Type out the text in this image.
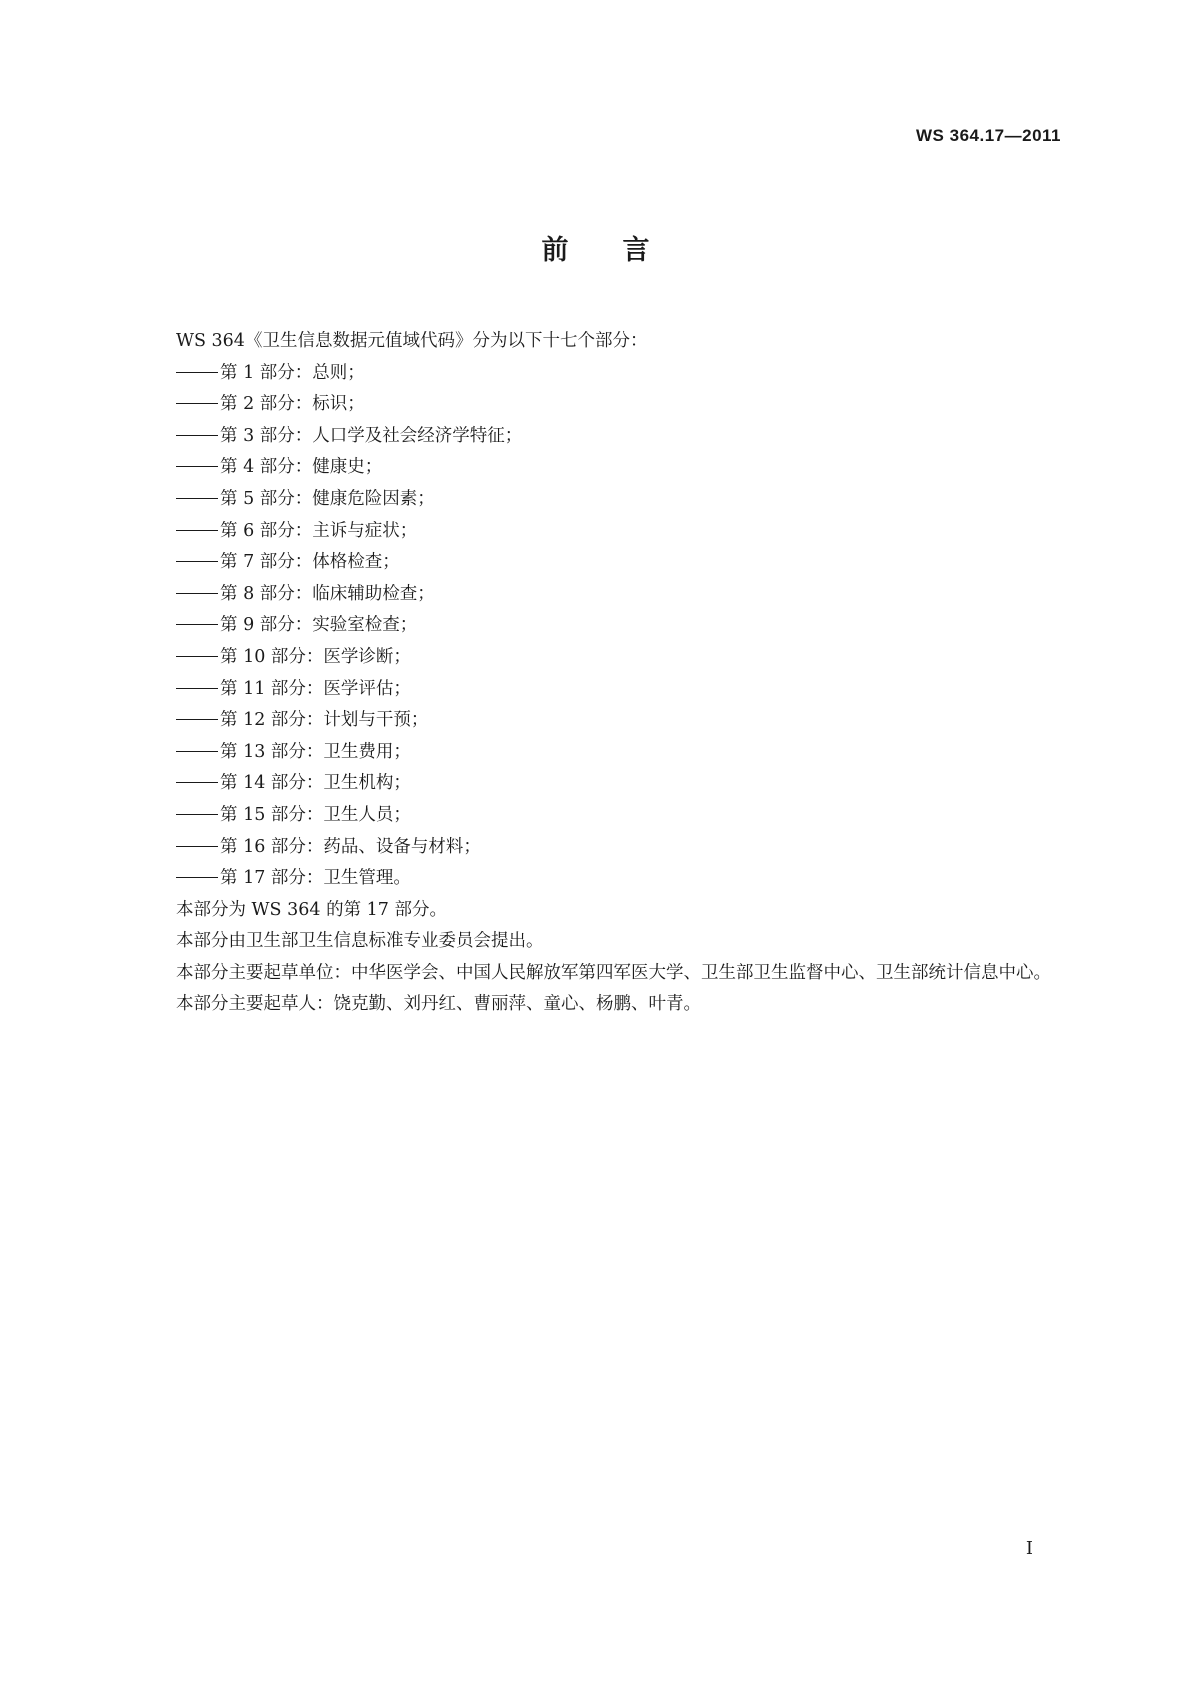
WS 364.17—2011
前言

WS 364《卫生信息数据元值域代码》分为以下十七个部分：

第 1 部分：总则；

第 2 部分：标识；

第 3 部分：人口学及社会经济学特征；

第 4 部分：健康史；

第 5 部分：健康危险因素；

第 6 部分：主诉与症状；

第 7 部分：体格检查；

第 8 部分：临床辅助检查；

第 9 部分：实验室检查；

第 10 部分：医学诊断；

第 11 部分：医学评估；

第 12 部分：计划与干预；

第 13 部分：卫生费用；

第 14 部分：卫生机构；

第 15 部分：卫生人员；

第 16 部分：药品、设备与材料；

第 17 部分：卫生管理。

本部分为 WS 364 的第 17 部分。

本部分由卫生部卫生信息标准专业委员会提出。

本部分主要起草单位：中华医学会、中国人民解放军第四军医大学、卫生部卫生监督中心、卫生部统计信息中心。

本部分主要起草人：饶克勤、刘丹红、曹丽萍、童心、杨鹏、叶青。

I
